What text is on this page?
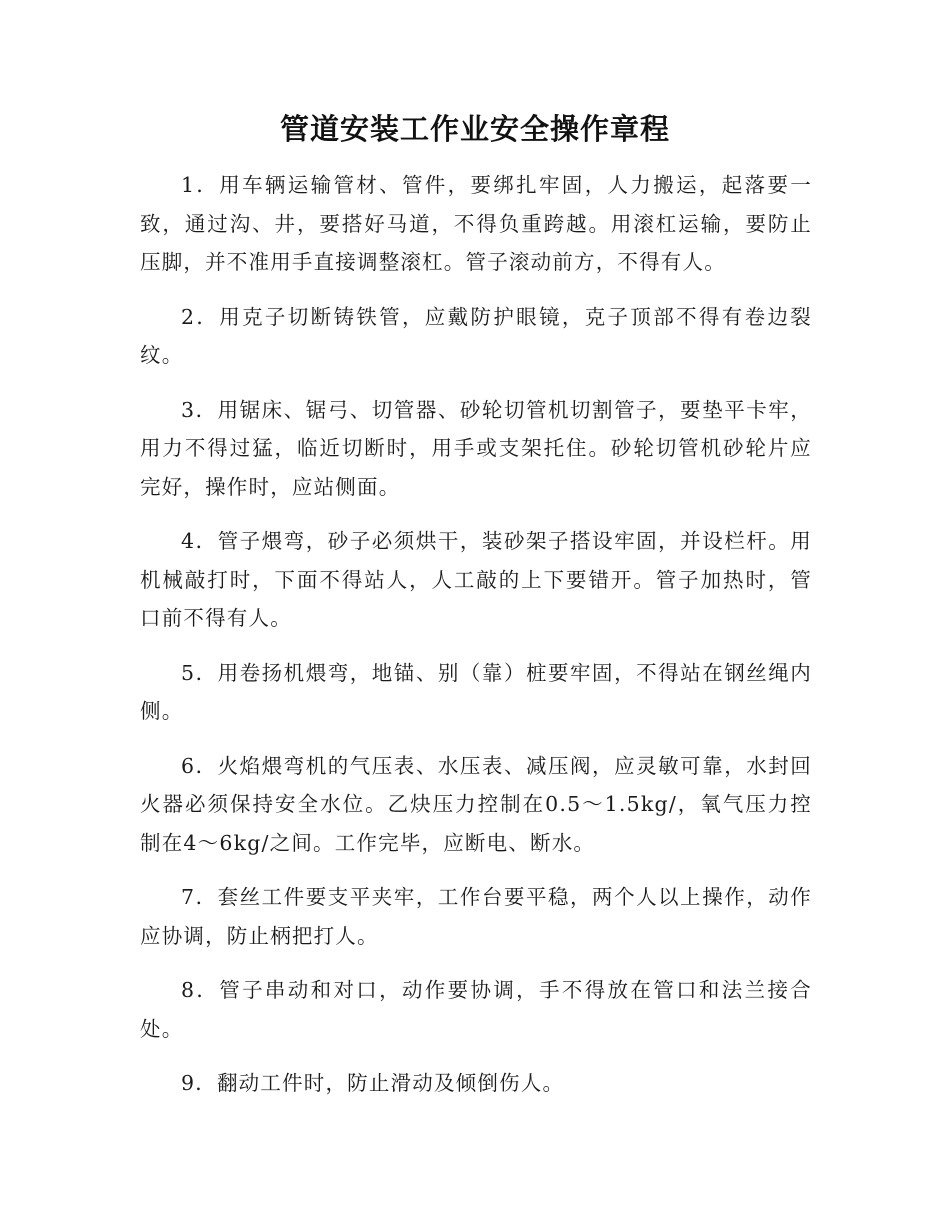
管道安装工作业安全操作章程

1．用车辆运输管材、管件，要绑扎牢固，人力搬运，起落要一致，通过沟、井，要搭好马道，不得负重跨越。用滚杠运输，要防止压脚，并不准用手直接调整滚杠。管子滚动前方，不得有人。

2．用克子切断铸铁管，应戴防护眼镜，克子顶部不得有卷边裂纹。

3．用锯床、锯弓、切管器、砂轮切管机切割管子，要垫平卡牢，用力不得过猛，临近切断时，用手或支架托住。砂轮切管机砂轮片应完好，操作时，应站侧面。

4．管子煨弯，砂子必须烘干，装砂架子搭设牢固，并设栏杆。用机械敲打时，下面不得站人，人工敲的上下要错开。管子加热时，管口前不得有人。

5．用卷扬机煨弯，地锚、别（靠）桩要牢固，不得站在钢丝绳内侧。

6．火焰煨弯机的气压表、水压表、减压阀，应灵敏可靠，水封回火器必须保持安全水位。乙炔压力控制在0.5～1.5kg/，氧气压力控制在4～6kg/之间。工作完毕，应断电、断水。

7．套丝工件要支平夹牢，工作台要平稳，两个人以上操作，动作应协调，防止柄把打人。

8．管子串动和对口，动作要协调，手不得放在管口和法兰接合处。

9．翻动工件时，防止滑动及倾倒伤人。
